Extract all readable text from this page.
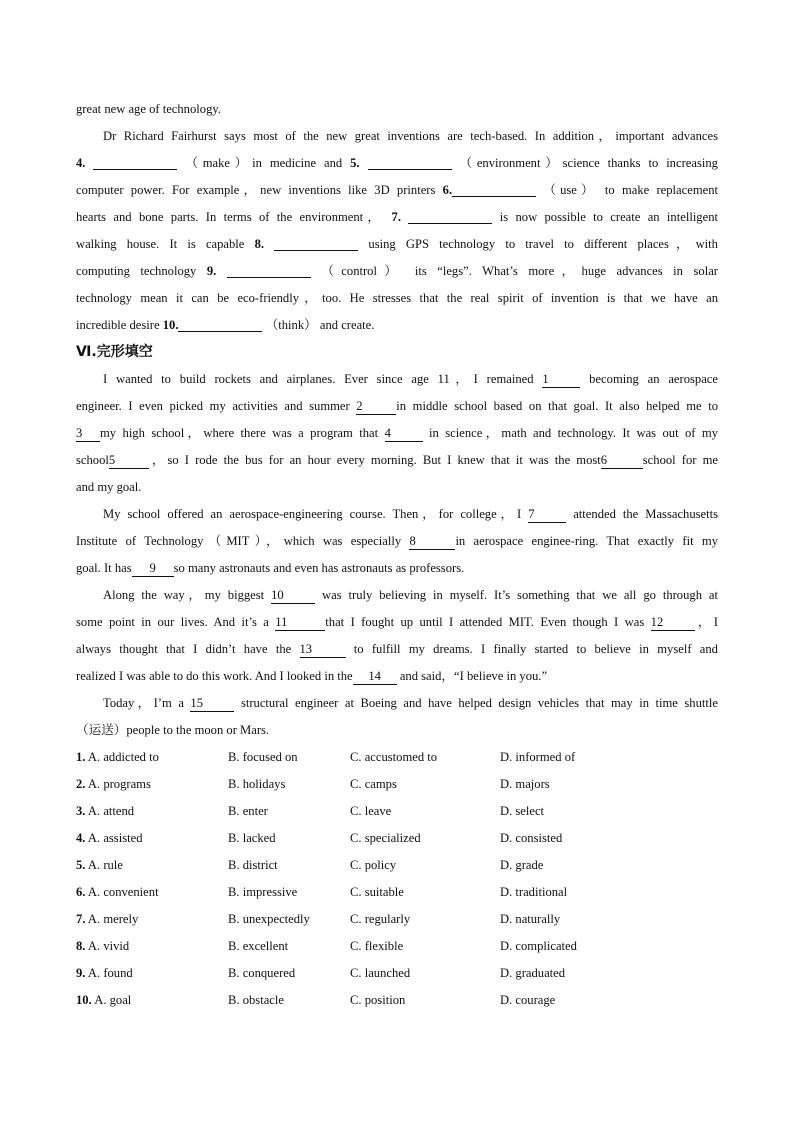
great new age of technology.
Dr Richard Fairhurst says most of the new great inventions are tech-based. In addition，important advances
4.	（make）in medicine and 5.	（environment）science thanks to increasing
computer power. For example，new inventions like 3D printers 6.	（use） to make replacement
hearts and bone parts. In terms of the environment， 7.	is now possible to create an intelligent
walking house. It is capable 8.	using GPS technology to travel to different places，with
computing technology 9.	（control） its “legs”. What’s more，huge advances in solar
technology mean it can be eco-friendly，too. He stresses that the real spirit of invention is that we have an
incredible desire 10.	（think） and create.
Ⅵ.完形填空
I wanted to build rockets and airplanes. Ever since age 11，I remained 1	becoming an aerospace
engineer. I even picked my activities and summer 2	in middle school based on that goal. It also helped me to
3 my high school，where there was a program that 4	in science，math and technology. It was out of my
school5	，so I rode the bus for an hour every morning. But I knew that it was the most6	school for me
and my goal.
My school offered an aerospace-engineering course. Then，for college，I 7	attended the Massachusetts
Institute of Technology（MIT），which was especially 8	in aerospace enginee-ring. That exactly fit my
goal. It has 9 so many astronauts and even has astronauts as professors.
Along the way，my biggest 10	was truly believing in myself. It’s something that we all go through at
some point in our lives. And it’s a 11	that I fought up until I attended MIT. Even though I was 12 ，I
always thought that I didn’t have the 13	to fulfill my dreams. I finally started to believe in myself and
realized I was able to do this work. And I looked in the 14 and said，“I believe in you.”
Today，I’m a 15	structural engineer at Boeing and have helped design vehicles that may in time shuttle
（运送）people to the moon or Mars.
1. A. addicted to	B. focused on	C. accustomed to	D. informed of
2. A. programs	B. holidays	C. camps	D. majors
3. A. attend	B. enter	C. leave	D. select
4. A. assisted	B. lacked	C. specialized	D. consisted
5. A. rule	B. district	C. policy	D. grade
6. A. convenient	B. impressive	C. suitable	D. traditional
7. A. merely	B. unexpectedly	C. regularly	D. naturally
8. A. vivid	B. excellent	C. flexible	D. complicated
9. A. found	B. conquered	C. launched	D. graduated
10. A. goal	B. obstacle	C. position	D. courage
